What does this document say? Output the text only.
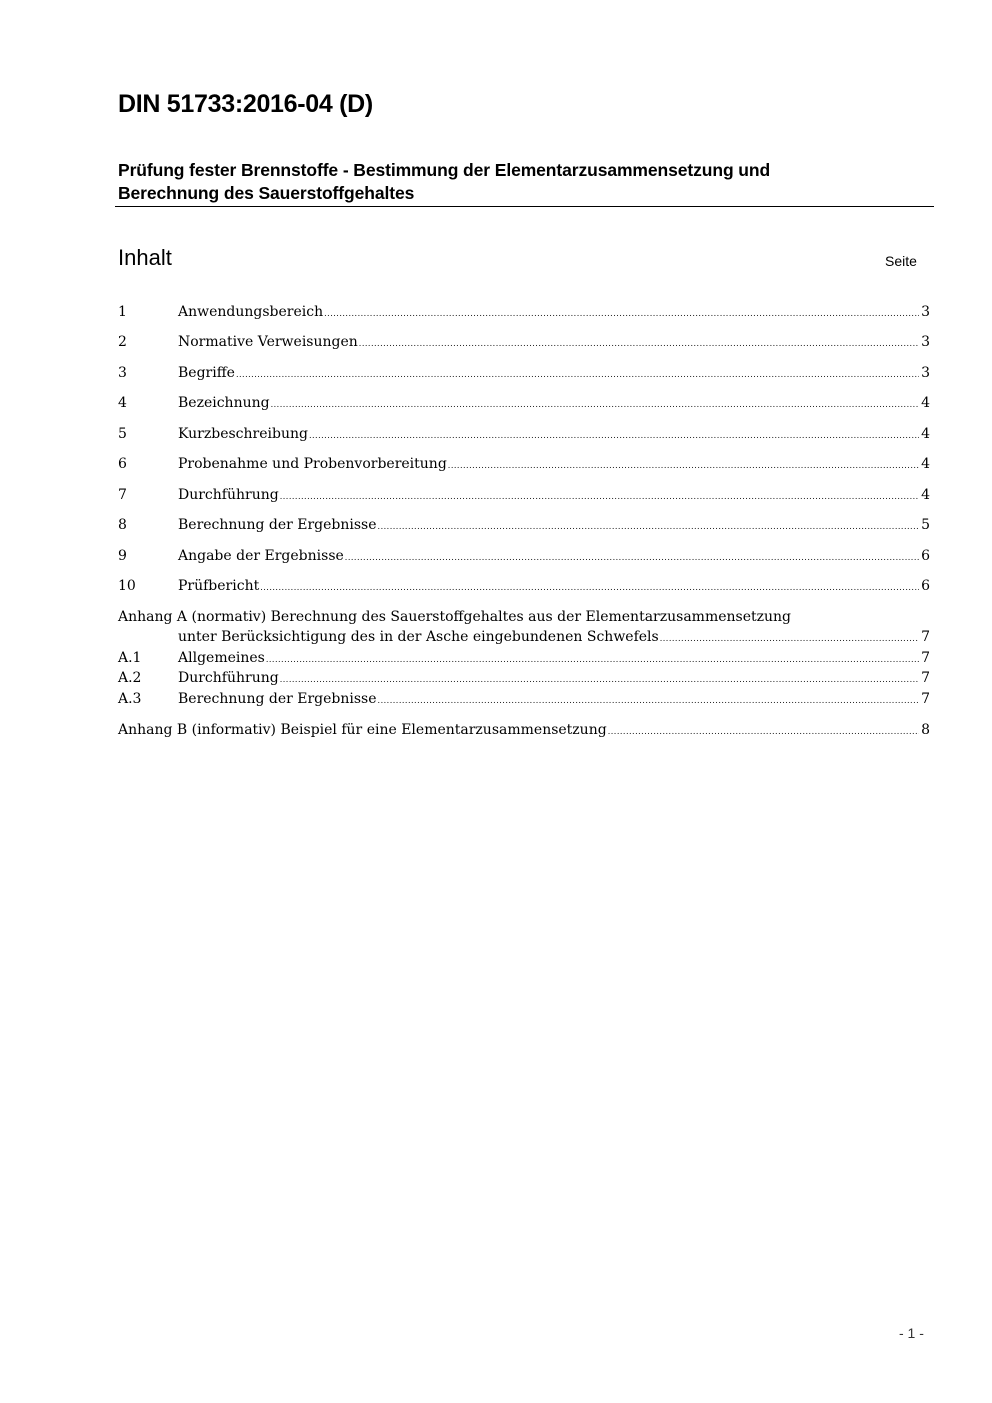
DIN 51733:2016-04 (D)
Prüfung fester Brennstoffe - Bestimmung der Elementarzusammensetzung und
Berechnung des Sauerstoffgehaltes
Inhalt	Seite
1	Anwendungsbereich .....	3
2	Normative Verweisungen .....	3
3	Begriffe .....	3
4	Bezeichnung .....	4
5	Kurzbeschreibung .....	4
6	Probenahme und Probenvorbereitung .....	4
7	Durchführung .....	4
8	Berechnung der Ergebnisse .....	5
9	Angabe der Ergebnisse .....	6
10	Prüfbericht .....	6
Anhang A (normativ) Berechnung des Sauerstoffgehaltes aus der Elementarzusammensetzung
unter Berücksichtigung des in der Asche eingebundenen Schwefels .....	7
A.1	Allgemeines .....	7
A.2	Durchführung .....	7
A.3	Berechnung der Ergebnisse .....	7
Anhang B (informativ) Beispiel für eine Elementarzusammensetzung .....	8
- 1 -
